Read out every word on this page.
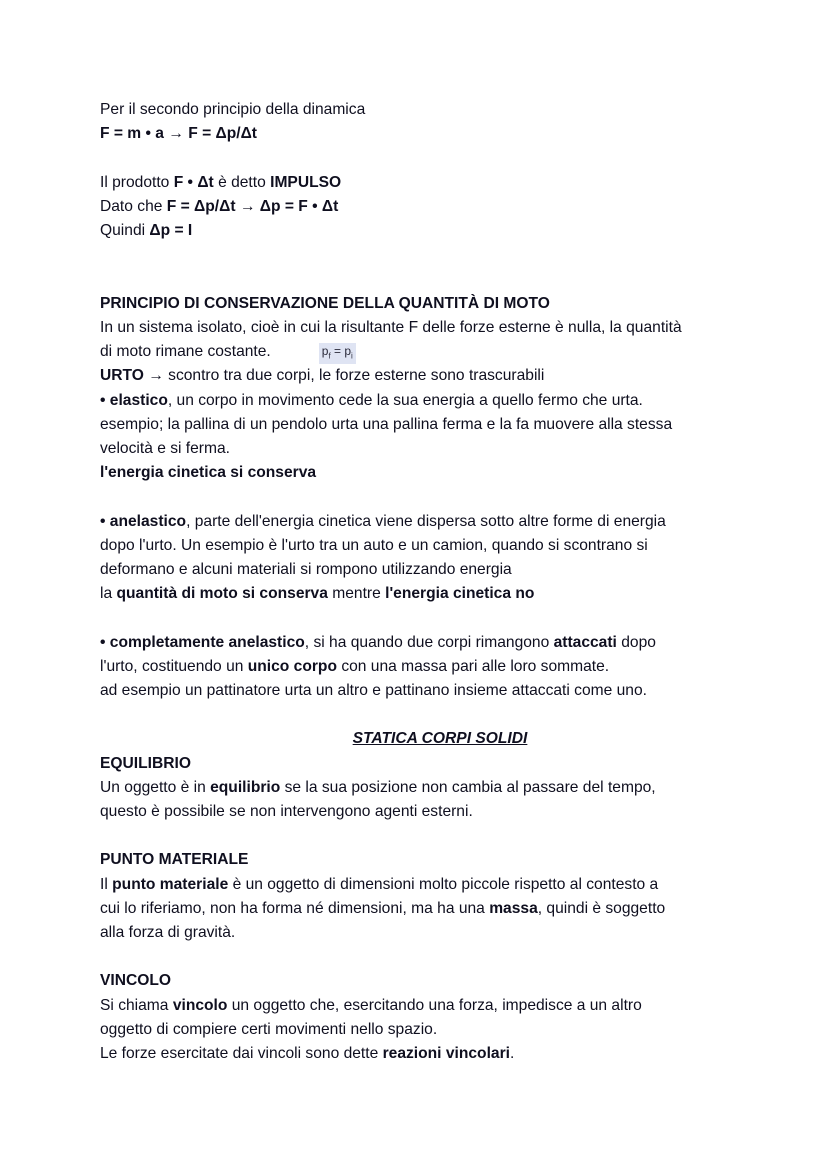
Per il secondo principio della dinamica
F = m • a → F = Δp/Δt
Il prodotto F • Δt è detto IMPULSO
Dato che F = Δp/Δt → Δp = F • Δt
Quindi Δp = I
PRINCIPIO DI CONSERVAZIONE DELLA QUANTITÀ DI MOTO
In un sistema isolato, cioè in cui la risultante F delle forze esterne è nulla, la quantità
di moto rimane costante.	$p_f = p_i$
URTO → scontro tra due corpi, le forze esterne sono trascurabili
• elastico, un corpo in movimento cede la sua energia a quello fermo che urta.
esempio; la pallina di un pendolo urta una pallina ferma e la fa muovere alla stessa
velocità e si ferma.
l'energia cinetica si conserva
• anelastico, parte dell'energia cinetica viene dispersa sotto altre forme di energia
dopo l'urto. Un esempio è l'urto tra un auto e un camion, quando si scontrano si
deformano e alcuni materiali si rompono utilizzando energia
la quantità di moto si conserva mentre l'energia cinetica no
• completamente anelastico, si ha quando due corpi rimangono attaccati dopo
l'urto, costituendo un unico corpo con una massa pari alle loro sommate.
ad esempio un pattinatore urta un altro e pattinano insieme attaccati come uno.
STATICA CORPI SOLIDI
EQUILIBRIO
Un oggetto è in equilibrio se la sua posizione non cambia al passare del tempo,
questo è possibile se non intervengono agenti esterni.
PUNTO MATERIALE
Il punto materiale è un oggetto di dimensioni molto piccole rispetto al contesto a
cui lo riferiamo, non ha forma né dimensioni, ma ha una massa, quindi è soggetto
alla forza di gravità.
VINCOLO
Si chiama vincolo un oggetto che, esercitando una forza, impedisce a un altro
oggetto di compiere certi movimenti nello spazio.
Le forze esercitate dai vincoli sono dette reazioni vincolari.
